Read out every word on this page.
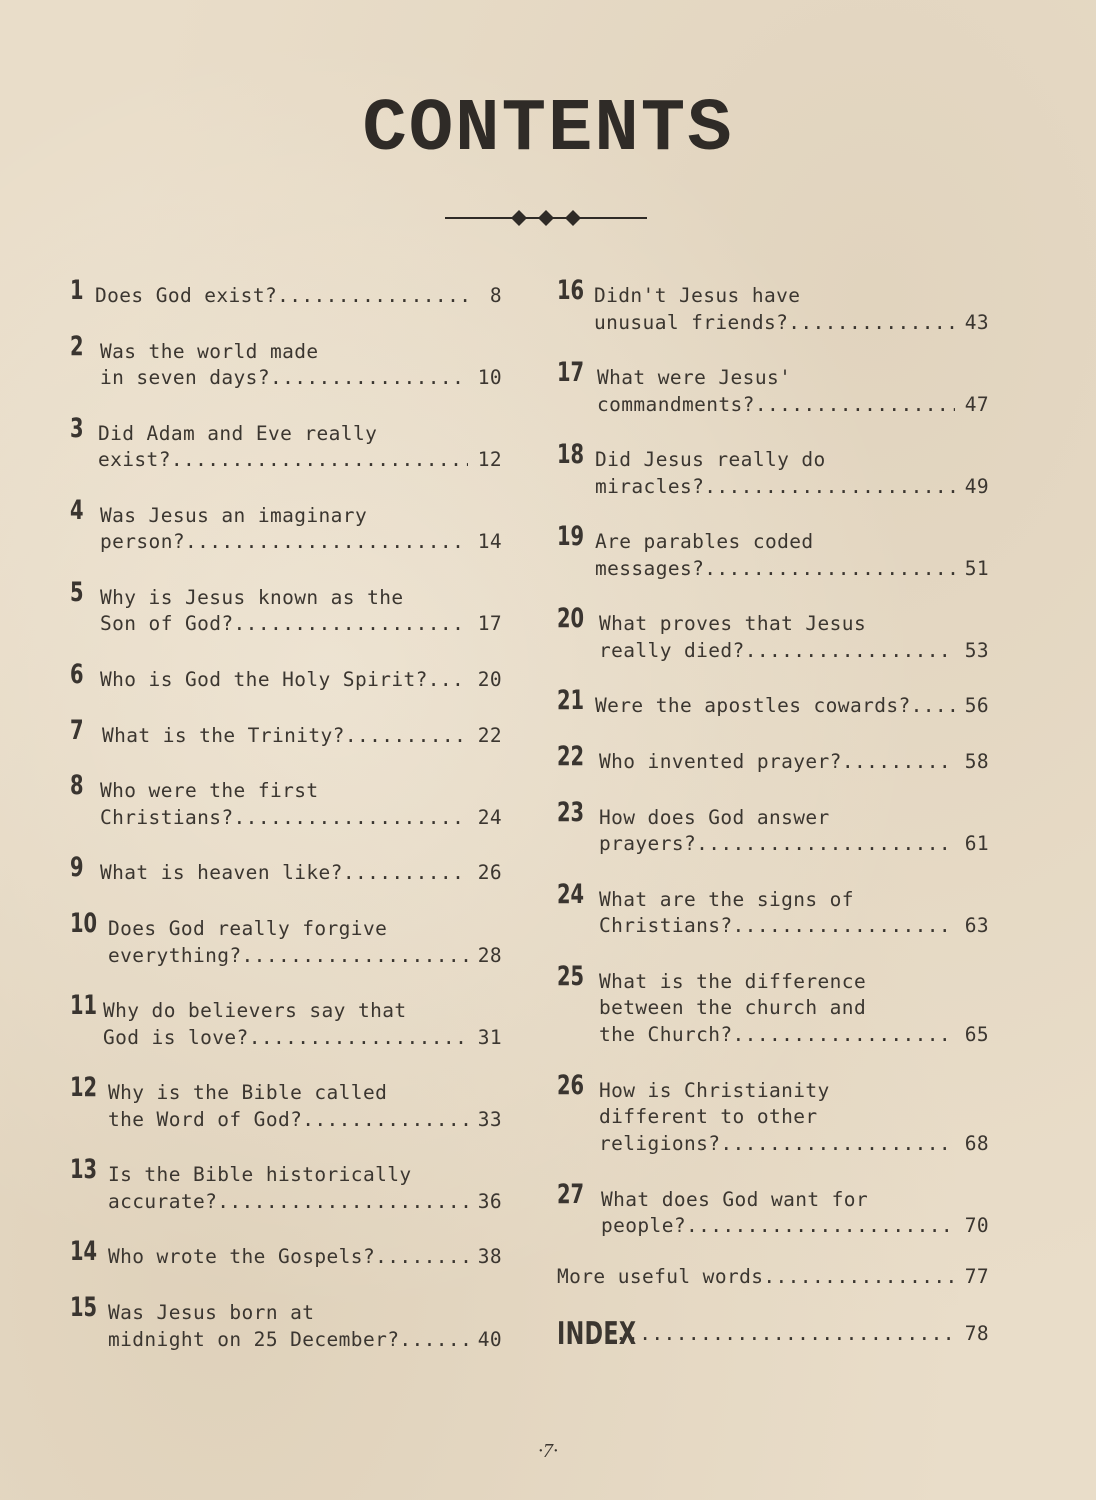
CONTENTS
1 Does God exist? .....	8
2 Was the world made
in seven days? .....	10
3 Did Adam and Eve really
exist? .....	12
4 Was Jesus an imaginary
person? .....	14
5 Why is Jesus known as the
Son of God? .....	17
6 Who is God the Holy Spirit? .....	20
7 What is the Trinity? .....	22
8 Who were the first
Christians? .....	24
9 What is heaven like? .....	26
10 Does God really forgive
everything? .....	28
11 Why do believers say that
God is love? .....	31
12 Why is the Bible called
the Word of God? .....	33
13 Is the Bible historically
accurate? .....	36
14 Who wrote the Gospels? .....	38
15 Was Jesus born at
midnight on 25 December? .....	40
16 Didn't Jesus have
unusual friends? .....	43
17 What were Jesus'
commandments? .....	47
18 Did Jesus really do
miracles? .....	49
19 Are parables coded
messages? .....	51
20 What proves that Jesus
really died? .....	53
21 Were the apostles cowards? .....	56
22 Who invented prayer? .....	58
23 How does God answer
prayers? .....	61
24 What are the signs of
Christians? .....	63
25 What is the difference
between the church and
the Church? .....	65
26 How is Christianity
different to other
religions? .....	68
27 What does God want for
people? .....	70
More useful words .....	77
INDEX .....	78
·7·
